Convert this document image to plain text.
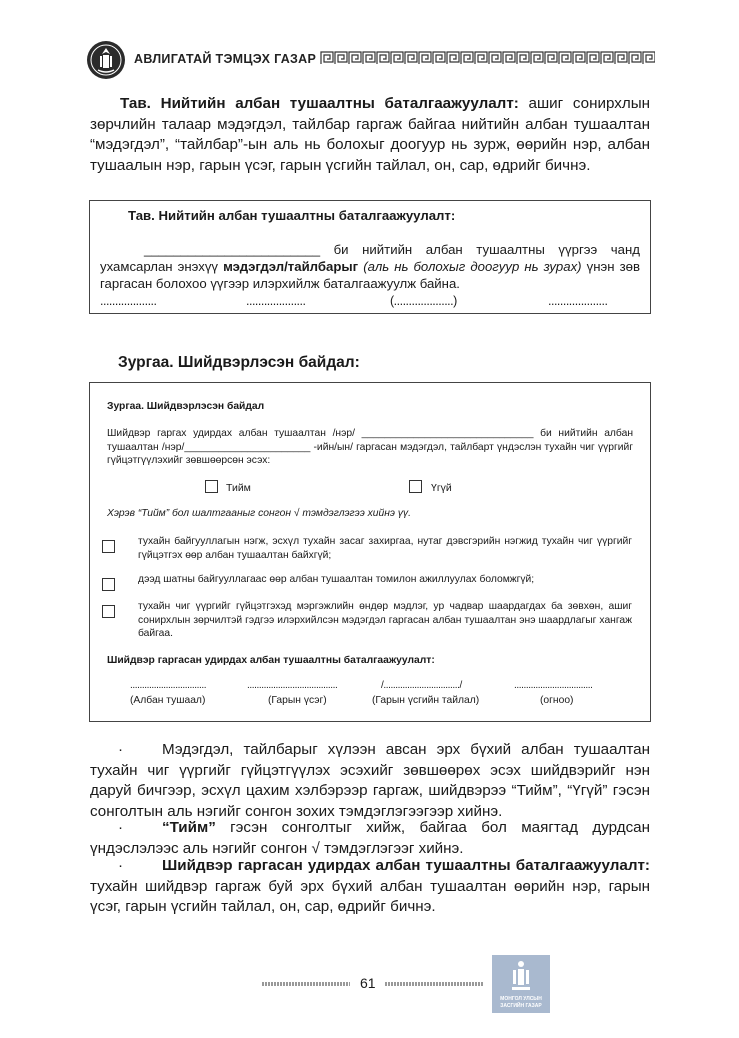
АВЛИГАТАЙ ТЭМЦЭХ ГАЗАР
Тав. Нийтийн албан тушаалтны баталгаажуулалт: ашиг сонирхлын зөрчлийн талаар мэдэгдэл, тайлбар гаргаж байгаа нийтийн албан тушаалтан “мэдэгдэл”, “тайлбар”-ын аль нь болохыг доогуур нь зурж, өөрийн нэр, албан тушаалын нэр, гарын үсэг, гарын үсгийн тайлал, он, сар, өдрийг бичнэ.
Тав. Нийтийн албан тушаалтны баталгаажуулалт:
________________________ би нийтийн албан тушаалтны үүргээ чанд ухамсарлан энэхүү мэдэгдэл/тайлбарыг (аль нь болохыг доогуур нь зурах) үнэн зөв гаргасан болохоо үүгээр илэрхийлж баталгаажуулж байна.
...................	....................	(....................)	....................
Зургаа. Шийдвэрлэсэн байдал:
Зургаа. Шийдвэрлэсэн байдал
Шийдвэр гаргах удирдах албан тушаалтан /нэр/ ______________________________ би нийтийн албан тушаалтан /нэр/______________________ -ийн/ын/ гаргасан мэдэгдэл, тайлбарт үндэслэн тухайн чиг үүргийг гүйцэтгүүлэхийг зөвшөөрсөн эсэх:
Тийм	Үгүй
Хэрэв “Тийм” бол шалтгааныг сонгон √ тэмдэглэгээ хийнэ үү.
тухайн байгууллагын нэгж, эсхүл тухайн засаг захиргаа, нутаг дэвсгэрийн нэгжид тухайн чиг үүргийг гүйцэтгэх өөр албан тушаалтан байхгүй;
дээд шатны байгууллагаас өөр албан тушаалтан томилон ажиллуулах боломжгүй;
тухайн чиг үүргийг гүйцэтгэхэд мэргэжлийн өндөр мэдлэг, ур чадвар шаардагдах ба зөвхөн, ашиг сонирхлын зөрчилтэй гэдгээ илэрхийлсэн мэдэгдэл гаргасан албан тушаалтан энэ шаардлагыг хангаж байгаа.
Шийдвэр гаргасан удирдах албан тушаалтны баталгаажуулалт:
................................	......................................	/................................/	.................................
(Албан тушаал)	(Гарын үсэг)	(Гарын үсгийн тайлал)	(огноо)
·	Мэдэгдэл, тайлбарыг хүлээн авсан эрх бүхий албан тушаалтан тухайн чиг үүргийг гүйцэтгүүлэх эсэхийг зөвшөөрөх эсэх шийдвэрийг нэн даруй бичгээр, эсхүл цахим хэлбэрээр гаргаж, шийдвэрээ “Тийм”, “Үгүй” гэсэн сонголтын аль нэгийг сонгон зохих тэмдэглэгээгээр хийнэ.
·	“Тийм” гэсэн сонголтыг хийж, байгаа бол маягтад дурдсан үндэслэлээс аль нэгийг сонгон √ тэмдэглэгээг хийнэ.
·	Шийдвэр гаргасан удирдах албан тушаалтны баталгаажуулалт: тухайн шийдвэр гаргаж буй эрх бүхий албан тушаалтан өөрийн нэр, гарын үсэг, гарын үсгийн тайлал, он, сар, өдрийг бичнэ.
61
МОНГОЛ УЛСЫН
ЗАСГИЙН ГАЗАР
